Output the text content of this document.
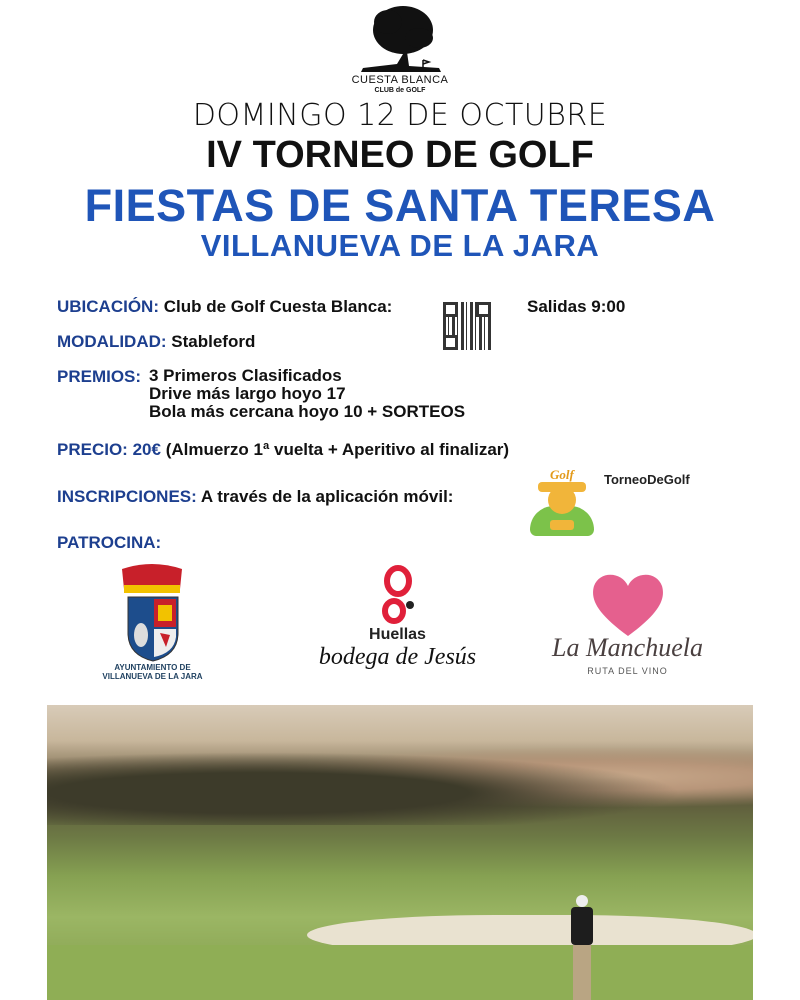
CUESTA BLANCA
CLUB de GOLF
DOMINGO 12 DE OCTUBRE
IV TORNEO DE GOLF
FIESTAS DE SANTA TERESA
VILLANUEVA DE LA JARA
UBICACIÓN: Club de Golf Cuesta Blanca:	Salidas 9:00
MODALIDAD: Stableford
PREMIOS: 3 Primeros Clasificados
Drive más largo hoyo 17
Bola más cercana hoyo 10 + SORTEOS
PRECIO: 20€ (Almuerzo 1ª vuelta + Aperitivo al finalizar)
INSCRIPCIONES: A través de la aplicación móvil:
Golf TorneoDeGolf
PATROCINA:
AYUNTAMIENTO DE
VILLANUEVA DE LA JARA
Huellas
bodega de Jesús	La Manchuela
RUTA DEL VINO
